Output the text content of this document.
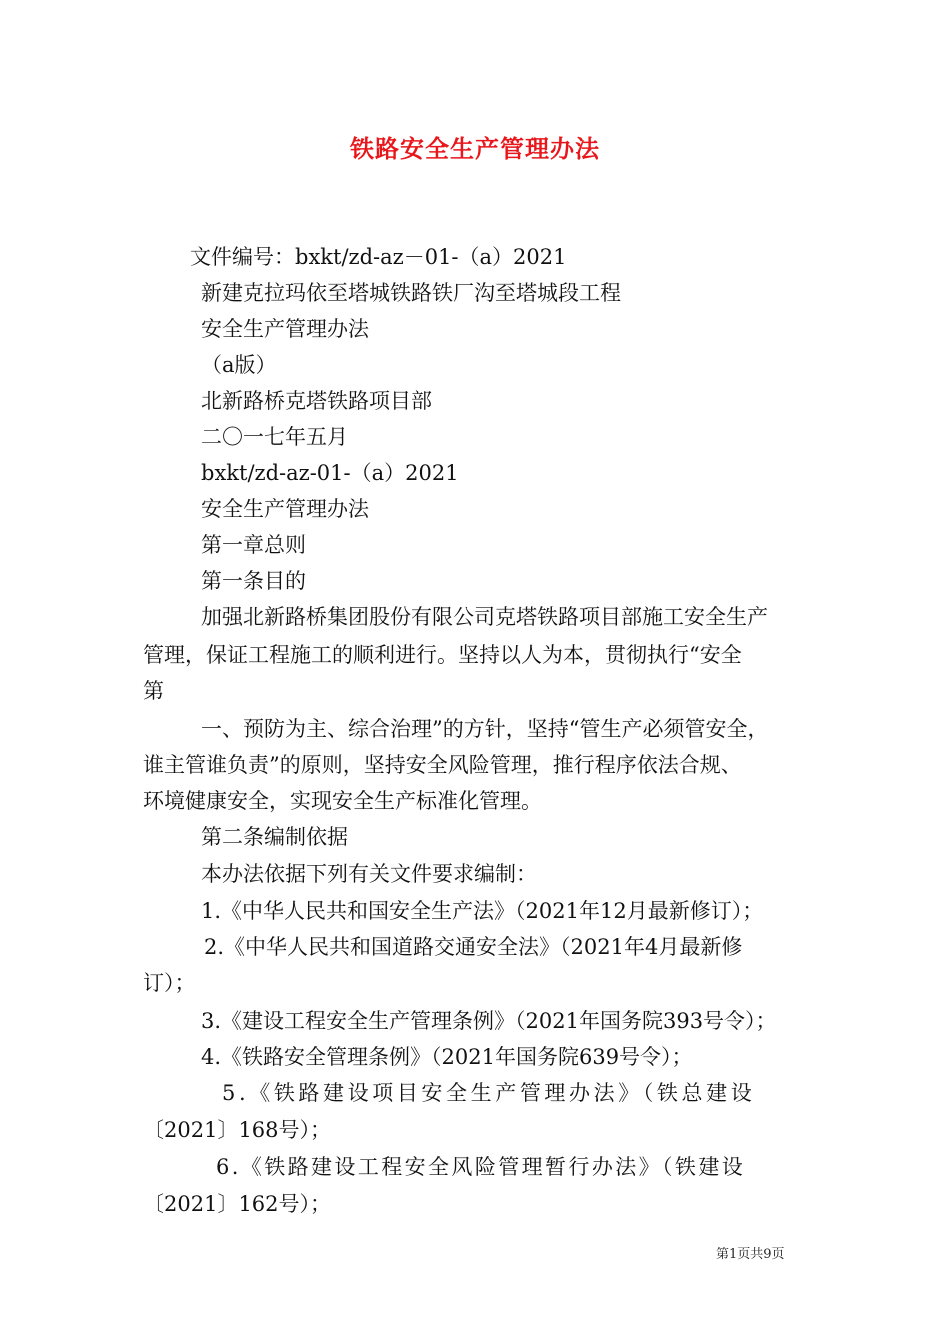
铁路安全生产管理办法
文件编号：bxkt/zd-az－01-（a）2021
新建克拉玛依至塔城铁路铁厂沟至塔城段工程
安全生产管理办法
（a版）
北新路桥克塔铁路项目部
二〇一七年五月
bxkt/zd-az-01-（a）2021
安全生产管理办法
第一章总则
第一条目的
加强北新路桥集团股份有限公司克塔铁路项目部施工安全生产
管理，保证工程施工的顺利进行。坚持以人为本，贯彻执行“安全
第
一、预防为主、综合治理”的方针，坚持“管生产必须管安全，
谁主管谁负责”的原则，坚持安全风险管理，推行程序依法合规、
环境健康安全，实现安全生产标准化管理。
第二条编制依据
本办法依据下列有关文件要求编制：
1.《中华人民共和国安全生产法》（2021年12月最新修订）；
2.《中华人民共和国道路交通安全法》（2021年4月最新修
订）；
3.《建设工程安全生产管理条例》（2021年国务院393号令）；
4.《铁路安全管理条例》（2021年国务院639号令）；
5.《铁路建设项目安全生产管理办法》（铁总建设
〔2021〕168号）；
6.《铁路建设工程安全风险管理暂行办法》（铁建设
〔2021〕162号）；
第1页共9页
